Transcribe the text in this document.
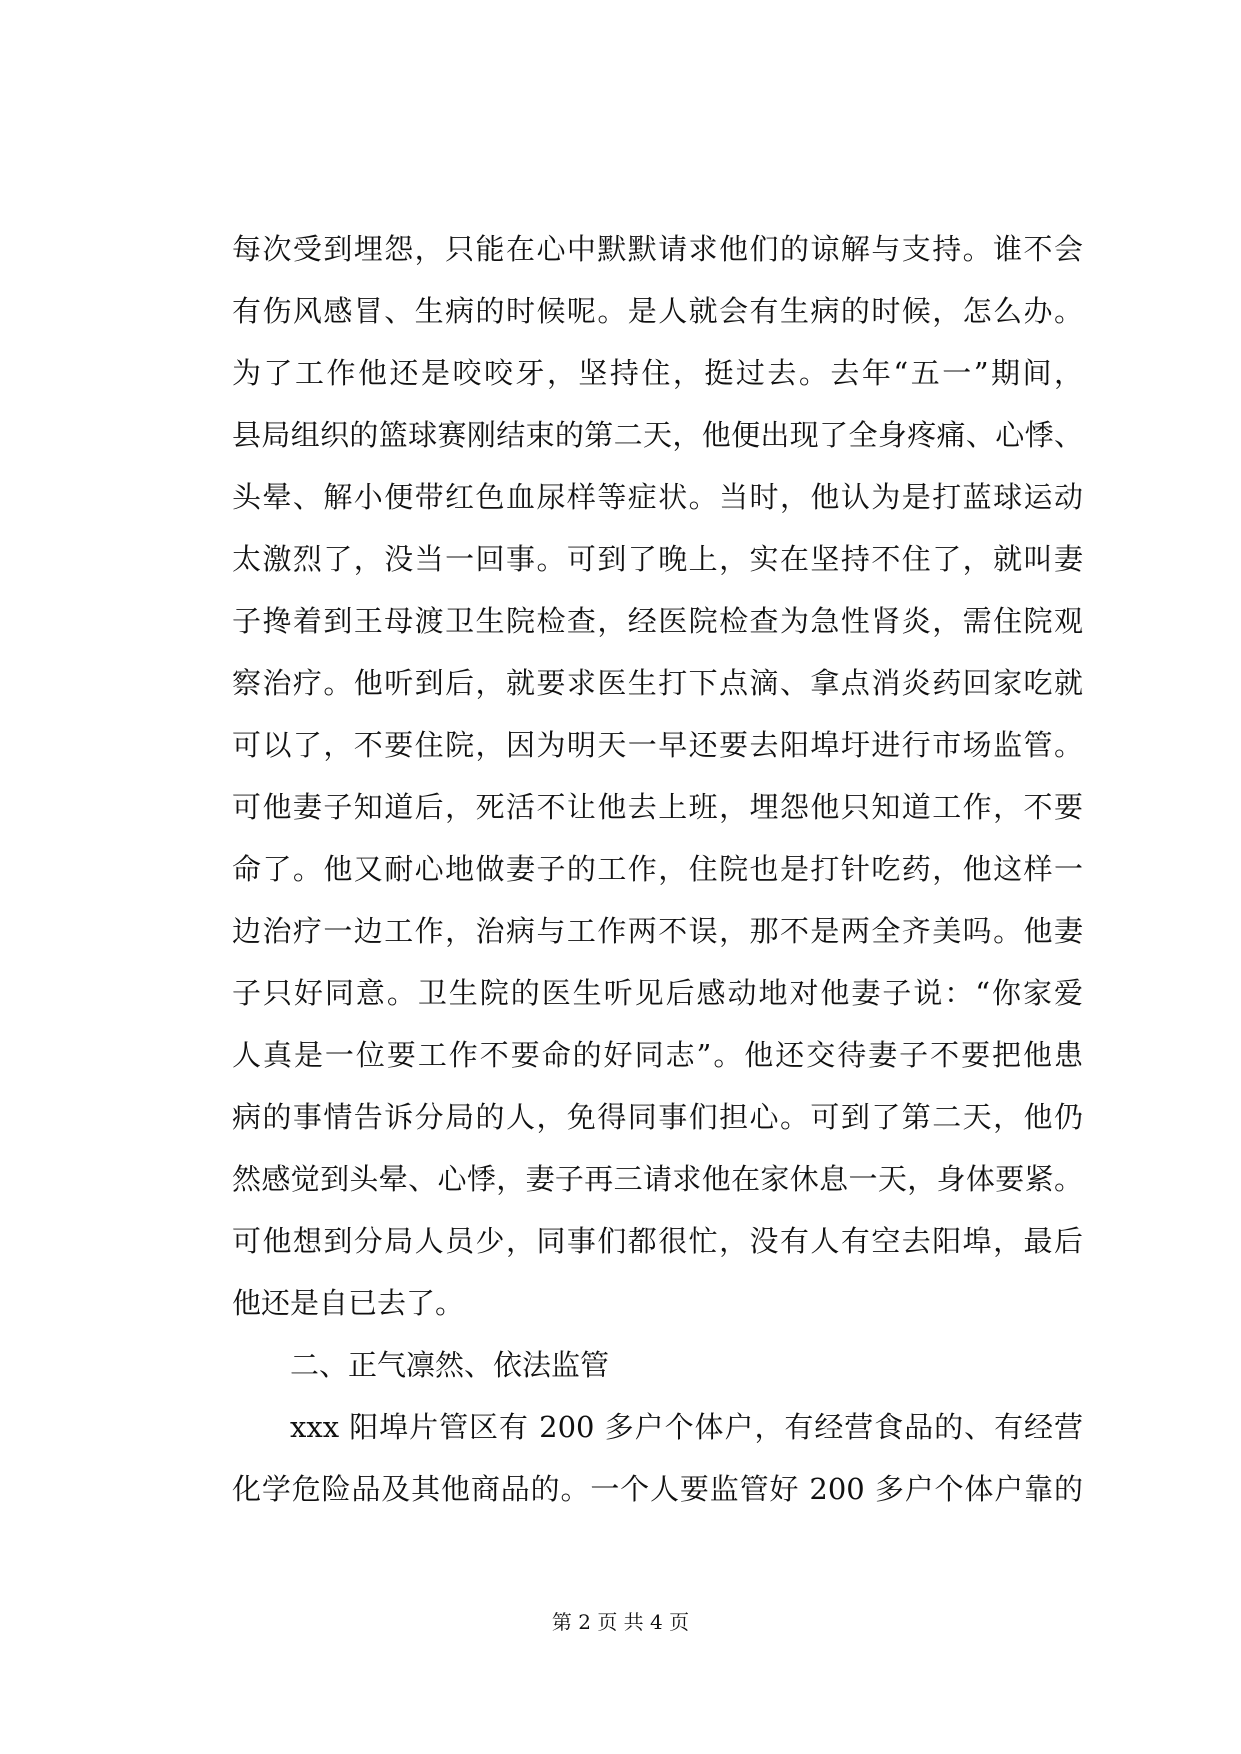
每次受到埋怨，只能在心中默默请求他们的谅解与支持。谁不会
有伤风感冒、生病的时候呢。是人就会有生病的时候，怎么办。
为了工作他还是咬咬牙，坚持住，挺过去。去年“五一”期间，
县局组织的篮球赛刚结束的第二天，他便出现了全身疼痛、心悸、
头晕、解小便带红色血尿样等症状。当时，他认为是打蓝球运动
太激烈了，没当一回事。可到了晚上，实在坚持不住了，就叫妻
子搀着到王母渡卫生院检查，经医院检查为急性肾炎，需住院观
察治疗。他听到后，就要求医生打下点滴、拿点消炎药回家吃就
可以了，不要住院，因为明天一早还要去阳埠圩进行市场监管。
可他妻子知道后，死活不让他去上班，埋怨他只知道工作，不要
命了。他又耐心地做妻子的工作，住院也是打针吃药，他这样一
边治疗一边工作，治病与工作两不误，那不是两全齐美吗。他妻
子只好同意。卫生院的医生听见后感动地对他妻子说：“你家爱
人真是一位要工作不要命的好同志”。他还交待妻子不要把他患
病的事情告诉分局的人，免得同事们担心。可到了第二天，他仍
然感觉到头晕、心悸，妻子再三请求他在家休息一天，身体要紧。
可他想到分局人员少，同事们都很忙，没有人有空去阳埠，最后
他还是自已去了。
二、正气凛然、依法监管
xxx 阳埠片管区有 200 多户个体户，有经营食品的、有经营
化学危险品及其他商品的。一个人要监管好 200 多户个体户靠的
第 2 页 共 4 页
